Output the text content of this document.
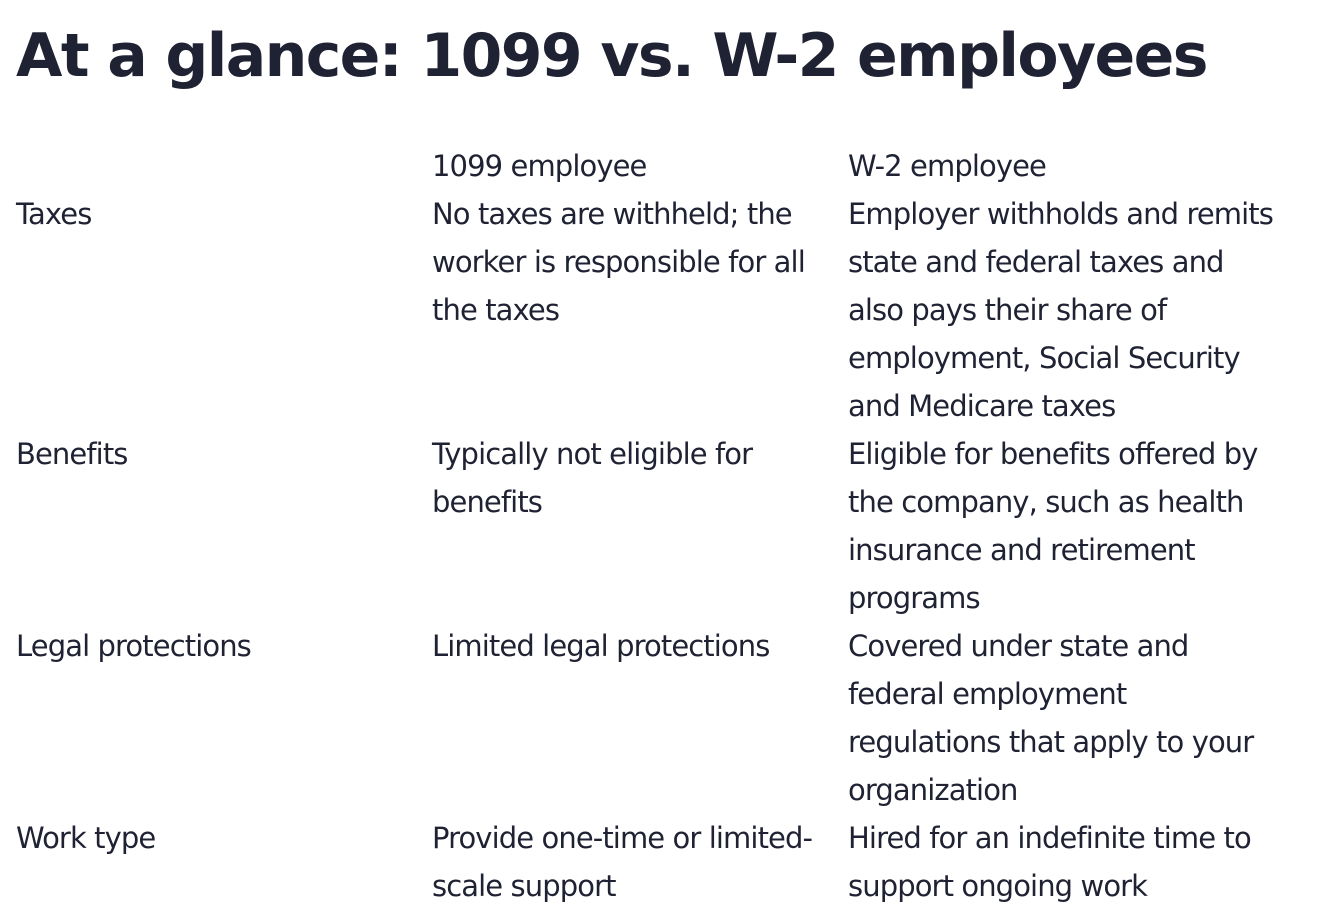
At a glance: 1099 vs. W-2 employees
	1099 employee	W-2 employee
Taxes	No taxes are withheld; the worker is responsible for all the taxes	Employer withholds and remits state and federal taxes and also pays their share of employment, Social Security and Medicare taxes
Benefits	Typically not eligible for benefits	Eligible for benefits offered by the company, such as health insurance and retirement programs
Legal protections	Limited legal protections	Covered under state and federal employment regulations that apply to your organization
Work type	Provide one-time or limited-scale support	Hired for an indefinite time to support ongoing work
